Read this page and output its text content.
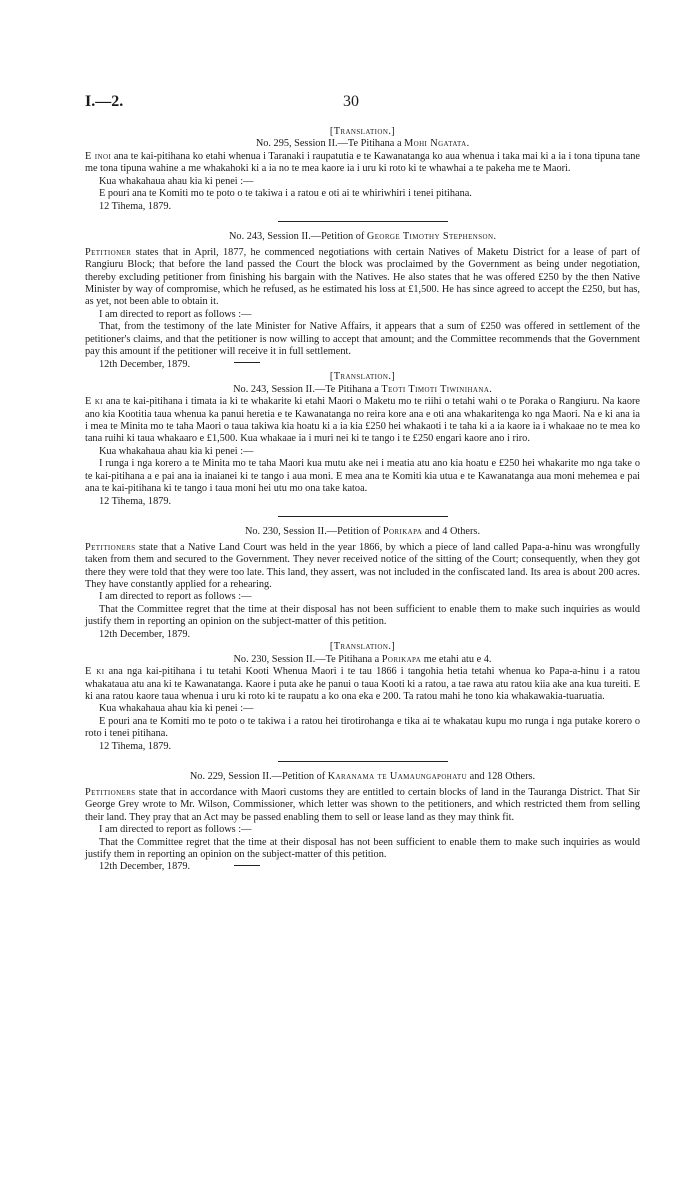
I.—2.	30
[Translation.]
No. 295, Session II.—Te Pitihana a Mohi Ngatata.

E inoi ana te kai-pitihana ko etahi whenua i Taranaki i raupatutia e te Kawanatanga ko aua whenua i taka mai ki a ia i tona tipuna tane me tona tipuna wahine a me whakahoki ki a ia no te mea kaore ia i uru ki roto ki te whawhai a te pakeha me te Maori.

Kua whakahaua ahau kia ki penei :—

E pouri ana te Komiti mo te poto o te takiwa i a ratou e oti ai te whiriwhiri i tenei pitihana.

12 Tihema, 1879.
No. 243, Session II.—Petition of George Timothy Stephenson.

Petitioner states that in April, 1877, he commenced negotiations with certain Natives of Maketu District for a lease of part of Rangiuru Block; that before the land passed the Court the block was proclaimed by the Government as being under negotiation, thereby excluding petitioner from finishing his bargain with the Natives. He also states that he was offered £250 by the then Native Minister by way of compromise, which he refused, as he estimated his loss at £1,500. He has since agreed to accept the £250, but has, as yet, not been able to obtain it.

I am directed to report as follows :—

That, from the testimony of the late Minister for Native Affairs, it appears that a sum of £250 was offered in settlement of the petitioner's claims, and that the petitioner is now willing to accept that amount; and the Committee recommends that the Government pay this amount if the petitioner will receive it in full settlement.

12th December, 1879.
[Translation.]
No. 243, Session II.—Te Pitihana a Teoti Timoti Tiwinihana.

E ki ana te kai-pitihana i timata ia ki te whakarite ki etahi Maori o Maketu mo te riihi o tetahi wahi o te Poraka o Rangiuru. Na kaore ano kia Kootitia taua whenua ka panui heretia e te Kawanatanga no reira kore ana e oti ana whakaritenga ko nga Maori. Na e ki ana ia i mea te Minita mo te taha Maori o taua takiwa kia hoatu ki a ia kia £250 hei whakaoti i te taha ki a ia kaore ia i whakaae no te mea ko tana ruihi ki taua whakaaro e £1,500. Kua whakaae ia i muri nei ki te tango i te £250 engari kaore ano i riro.

Kua whakahaua ahau kia ki penei :—

I runga i nga korero a te Minita mo te taha Maori kua mutu ake nei i meatia atu ano kia hoatu e £250 hei whakarite mo nga take o te kai-pitihana a e pai ana ia inaianei ki te tango i aua moni. E mea ana te Komiti kia utua e te Kawanatanga aua moni mehemea e pai ana te kai-pitihana ki te tango i taua moni hei utu mo ona take katoa.

12 Tihema, 1879.
No. 230, Session II.—Petition of Porikapa and 4 Others.

Petitioners state that a Native Land Court was held in the year 1866, by which a piece of land called Papa-a-hinu was wrongfully taken from them and secured to the Government. They never received notice of the sitting of the Court; consequently, when they got there they were told that they were too late. This land, they assert, was not included in the confiscated land. Its area is about 200 acres. They have constantly applied for a rehearing.

I am directed to report as follows :—

That the Committee regret that the time at their disposal has not been sufficient to enable them to make such inquiries as would justify them in reporting an opinion on the subject-matter of this petition.

12th December, 1879.
[Translation.]
No. 230, Session II.—Te Pitihana a Porikapa me etahi atu e 4.

E ki ana nga kai-pitihana i tu tetahi Kooti Whenua Maori i te tau 1866 i tangohia hetia tetahi whenua ko Papa-a-hinu i a ratou whakataua atu ana ki te Kawanatanga. Kaore i puta ake he panui o taua Kooti ki a ratou, a tae rawa atu ratou kiia ake ana kua tureiti. E ki ana ratou kaore taua whenua i uru ki roto ki te raupatu a ko ona eka e 200. Ta ratou mahi he tono kia whakawakia-tuaruatia.

Kua whakahaua ahau kia ki penei :—

E pouri ana te Komiti mo te poto o te takiwa i a ratou hei tirotirohanga e tika ai te whakatau kupu mo runga i nga putake korero o roto i tenei pitihana.

12 Tihema, 1879.
No. 229, Session II.—Petition of Karanama te Uamaungapohatu and 128 Others.

Petitioners state that in accordance with Maori customs they are entitled to certain blocks of land in the Tauranga District. That Sir George Grey wrote to Mr. Wilson, Commissioner, which letter was shown to the petitioners, and which restricted them from selling their land. They pray that an Act may be passed enabling them to sell or lease land as they may think fit.

I am directed to report as follows :—

That the Committee regret that the time at their disposal has not been sufficient to enable them to make such inquiries as would justify them in reporting an opinion on the subject-matter of this petition.

12th December, 1879.
